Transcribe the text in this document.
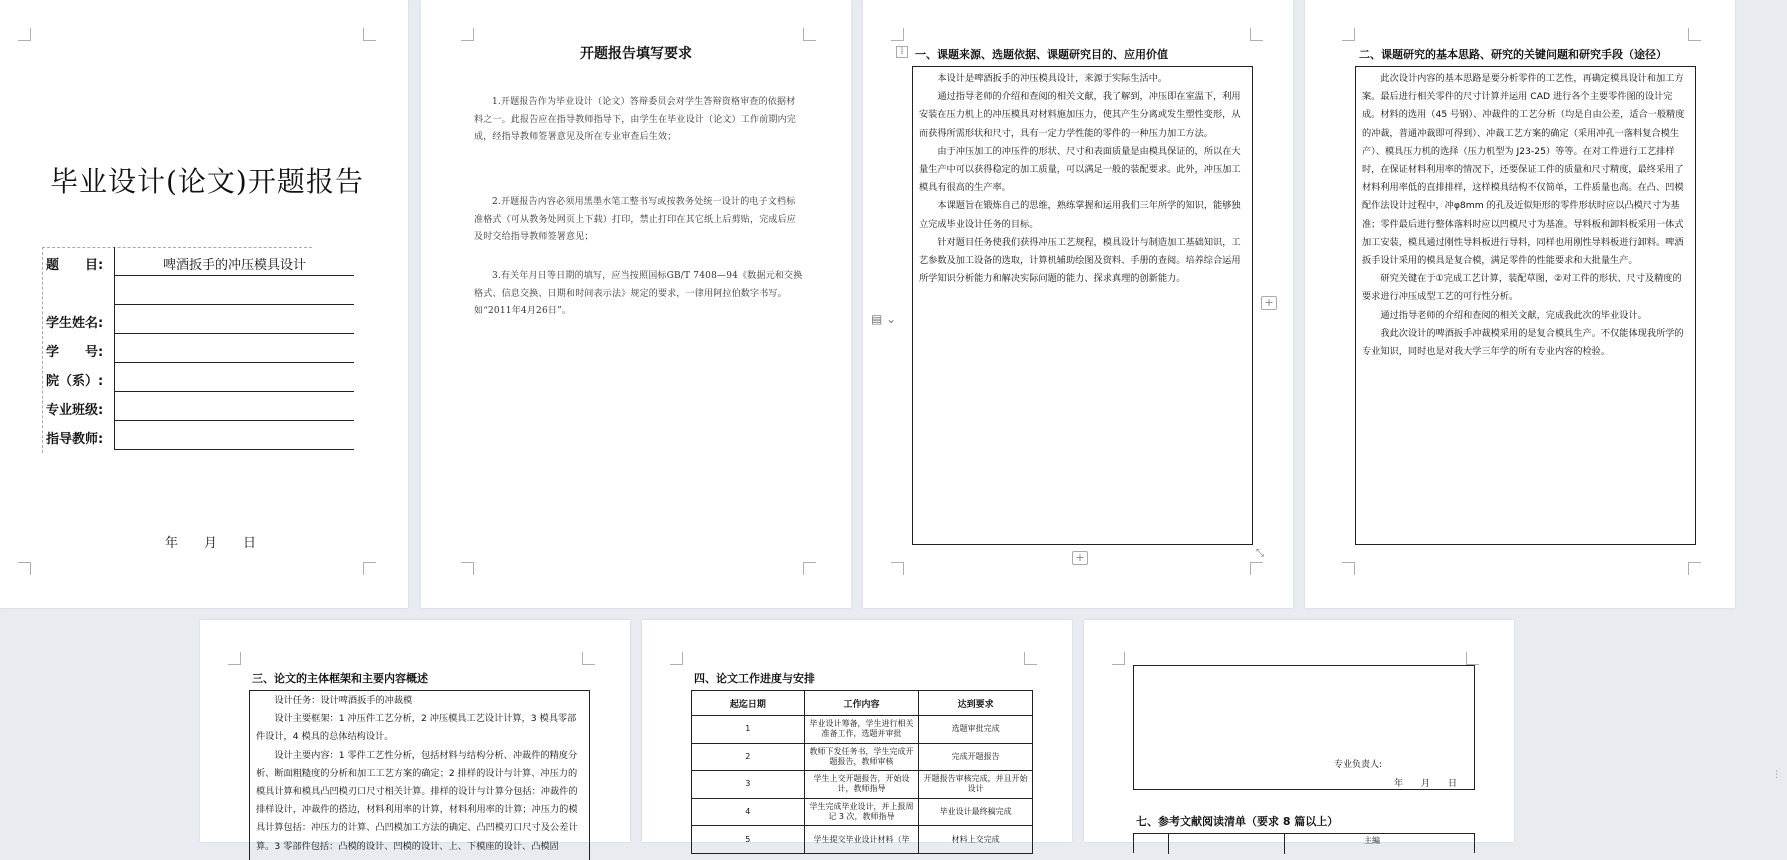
毕业设计(论文)开题报告
题　　目:	啤酒扳手的冲压模具设计
学生姓名:
学　　号:
院（系）:
专业班级:
指导教师:
年　　月　　日
开题报告填写要求
1.开题报告作为毕业设计（论文）答辩委员会对学生答辩资格审查的依据材料之一。此报告应在指导教师指导下，由学生在毕业设计（论文）工作前期内完成，经指导教师签署意见及所在专业审查后生效；
2.开题报告内容必须用黑墨水笔工整书写或按教务处统一设计的电子文档标准格式（可从教务处网页上下载）打印，禁止打印在其它纸上后剪贴，完成后应及时交给指导教师签署意见；
3.有关年月日等日期的填写，应当按照国标GB/T 7408—94《数据元和交换格式、信息交换、日期和时间表示法》规定的要求，一律用阿拉伯数字书写。如“2011年4月26日”。
⁞
▤ ⌄
一、课题来源、选题依据、课题研究目的、应用价值

本设计是啤酒扳手的冲压模具设计，来源于实际生活中。

通过指导老师的介绍和查阅的相关文献，我了解到，冲压即在室温下，利用安装在压力机上的冲压模具对材料施加压力，使其产生分离或发生塑性变形，从而获得所需形状和尺寸，具有一定力学性能的零件的一种压力加工方法。

由于冲压加工的冲压件的形状、尺寸和表面质量是由模具保证的，所以在大量生产中可以获得稳定的加工质量，可以满足一般的装配要求。此外，冲压加工模具有很高的生产率。

本课题旨在锻炼自己的思维，熟练掌握和运用我们三年所学的知识，能够独立完成毕业设计任务的目标。

针对题目任务使我们获得冲压工艺规程，模具设计与制造加工基础知识，工艺参数及加工设备的选取，计算机辅助绘图及资料、手册的查阅。培养综合运用所学知识分析能力和解决实际问题的能力、探求真理的创新能力。

+
+	⤡
二、课题研究的基本思路、研究的关键问题和研究手段（途径）

此次设计内容的基本思路是要分析零件的工艺性，再确定模具设计和加工方案。最后进行相关零件的尺寸计算并运用 CAD 进行各个主要零件图的设计完成。材料的选用（45 号钢）、冲裁件的工艺分析（均是自由公差，适合一般精度的冲裁，普通冲裁即可得到）、冲裁工艺方案的确定（采用冲孔一落料复合模生产）、模具压力机的选择（压力机型为 J23-25）等等。在对工件进行工艺排样时，在保证材料利用率的情况下，还要保证工件的质量和尺寸精度，最终采用了材料利用率低的直排排样，这样模具结构不仅简单，工件质量也高。在凸、凹模配作法设计过程中，冲φ8mm 的孔及近似矩形的零件形状时应以凸模尺寸为基准；零件最后进行整体落料时应以凹模尺寸为基准。导料板和卸料板采用一体式加工安装，模具通过刚性导料板进行导料，同样也用刚性导料板进行卸料。啤酒扳手设计采用的模具是复合模，满足零件的性能要求和大批量生产。

研究关键在于①完成工艺计算，装配草图，②对工件的形状、尺寸及精度的要求进行冲压成型工艺的可行性分析。

通过指导老师的介绍和查阅的相关文献，完成我此次的毕业设计。

我此次设计的啤酒扳手冲裁模采用的是复合模具生产。不仅能体现我所学的专业知识，同时也是对我大学三年学的所有专业内容的检验。

三、论文的主体框架和主要内容概述

设计任务：设计啤酒扳手的冲裁模

设计主要框架：1 冲压件工艺分析，2 冲压模具工艺设计计算，3 模具零部件设计，4 模具的总体结构设计。

设计主要内容：1 零件工艺性分析，包括材料与结构分析、冲裁件的精度分析、断面粗糙度的分析和加工工艺方案的确定；2 排样的设计与计算、冲压力的模具计算和模具凸凹模刃口尺寸相关计算。排样的设计与计算分包括：冲裁件的排样设计，冲裁件的搭边，材料利用率的计算，材料利用率的计算；冲压力的模具计算包括：冲压力的计算、凸凹模加工方法的确定、凸凹模刃口尺寸及公差计算。3 零部件包括：凸模的设计、凹模的设计、上、下模座的设计、凸模固

四、论文工作进度与安排
起迄日期	工作内容	达到要求
1	毕业设计筹备，学生进行相关准备工作，选题并审批	选题审批完成
2	教师下发任务书，学生完成开题报告，教师审核	完成开题报告
3	学生上交开题报告，开始设计，教师指导	开题报告审核完成，并且开始设计
4	学生完成毕业设计，并上报周记 3 次，教师指导	毕业设计最终稿完成
5	学生提交毕业设计材料（毕	材料上交完成
专业负责人:
年　　月　　日
七、参考文献阅读清单（要求 8 篇以上）
主編
⋮
